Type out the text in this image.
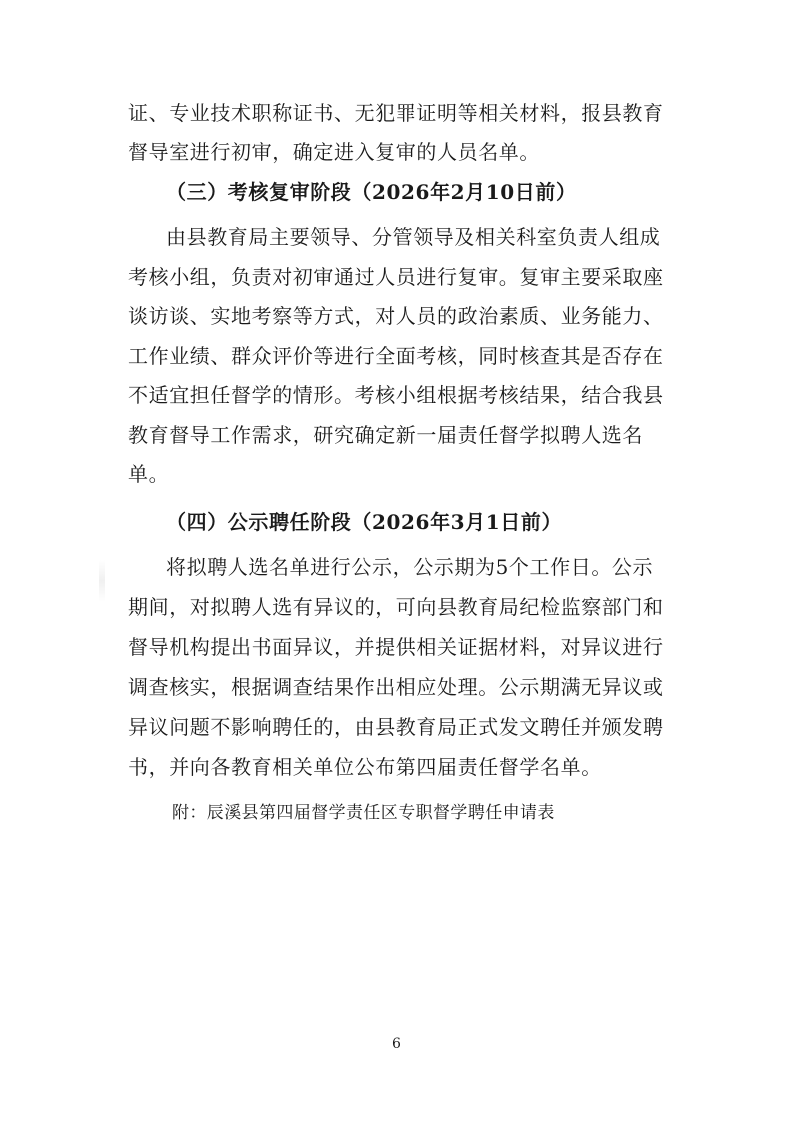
证、专业技术职称证书、无犯罪证明等相关材料，报县教育
督导室进行初审，确定进入复审的人员名单。
（三）考核复审阶段（2026年2月10日前）
由县教育局主要领导、分管领导及相关科室负责人组成
考核小组，负责对初审通过人员进行复审。复审主要采取座
谈访谈、实地考察等方式，对人员的政治素质、业务能力、
工作业绩、群众评价等进行全面考核，同时核查其是否存在
不适宜担任督学的情形。考核小组根据考核结果，结合我县
教育督导工作需求，研究确定新一届责任督学拟聘人选名
单。
（四）公示聘任阶段（2026年3月1日前）
将拟聘人选名单进行公示，公示期为5个工作日。公示
期间，对拟聘人选有异议的，可向县教育局纪检监察部门和
督导机构提出书面异议，并提供相关证据材料，对异议进行
调查核实，根据调查结果作出相应处理。公示期满无异议或
异议问题不影响聘任的，由县教育局正式发文聘任并颁发聘
书，并向各教育相关单位公布第四届责任督学名单。
附：辰溪县第四届督学责任区专职督学聘任申请表
6
